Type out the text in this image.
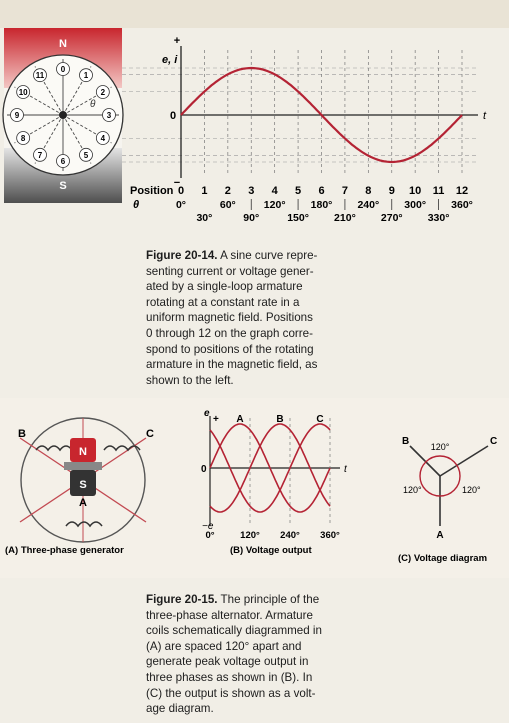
N
S
0
1
2
3
4
5
6
7
8
9
10
11
θ
+
−
e, i
0	t
Position 0 1 2 3 4 5 6 7 8 9 10 11 12
θ	0°	60°	120° 180° 240° 300° 360°
30°	90°	150° 210° 270° 330°
Figure 20-14. A sine curve repre-
senting current or voltage gener-
ated by a single-loop armature
rotating at a constant rate in a
uniform magnetic field. Positions
0 through 12 on the graph corre-
spond to positions of the rotating
armature in the magnetic field, as
shown to the left.
N
S
B	C
A
(A) Three-phase generator
e
+
−e
0	t
A	B	C
0°	120° 240° 360°
(B) Voltage output
B	C
A
120°
120°	120°
(C) Voltage diagram
Figure 20-15. The principle of the
three-phase alternator. Armature
coils schematically diagrammed in
(A) are spaced 120° apart and
generate peak voltage output in
three phases as shown in (B). In
(C) the output is shown as a volt-
age diagram.
